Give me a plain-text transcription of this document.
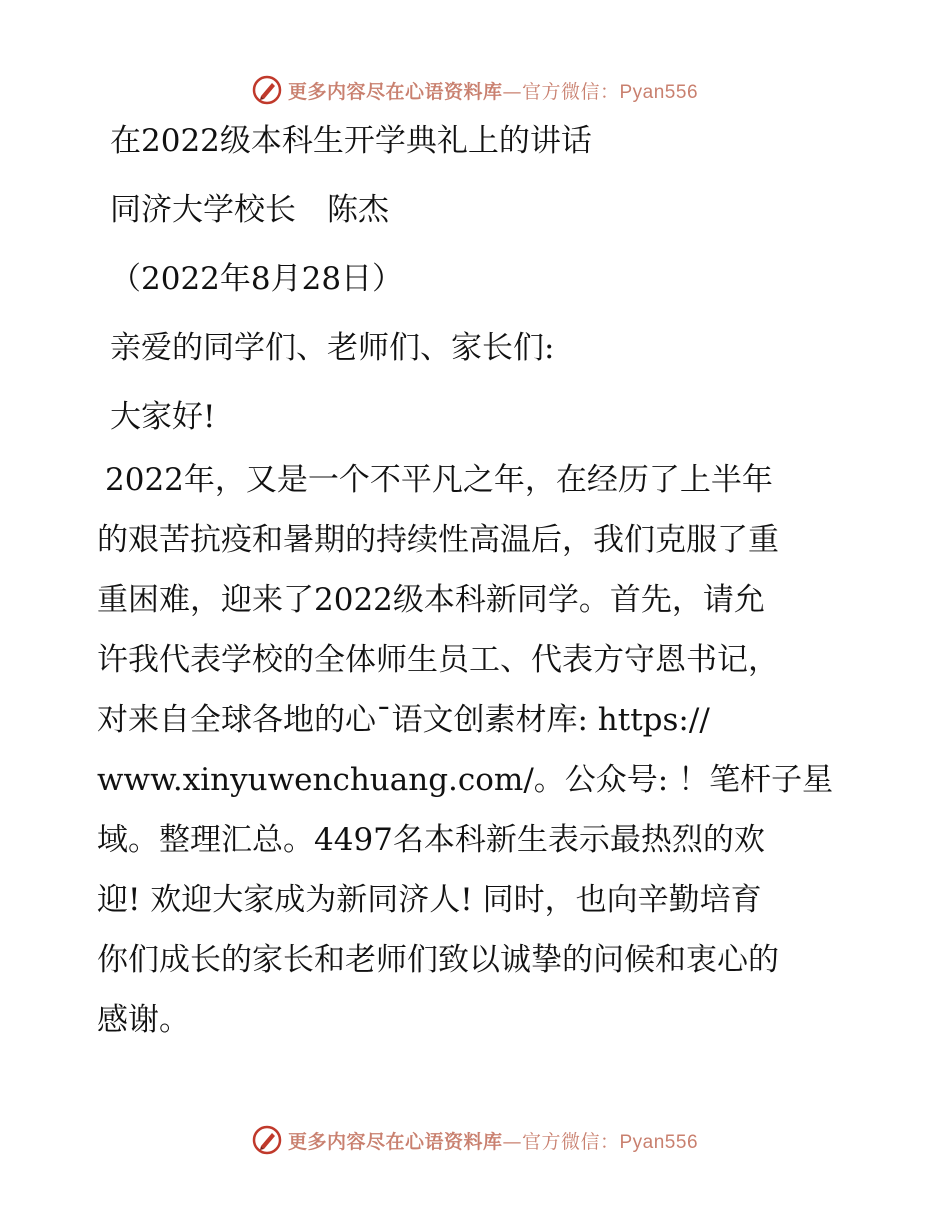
更多内容尽在心语资料库—官方微信：Pyan556
在2022级本科生开学典礼上的讲话
同济大学校长　陈杰
（2022年8月28日）
亲爱的同学们、老师们、家长们:
大家好!
2022年，又是一个不平凡之年，在经历了上半年
的艰苦抗疫和暑期的持续性高温后，我们克服了重
重困难，迎来了2022级本科新同学。首先，请允
许我代表学校的全体师生员工、代表方守恩书记，
对来自全球各地的心¯语文创素材库: https://
www.xinyuwenchuang.com/。公众号: ！笔杆子星
域。整理汇总。4497名本科新生表示最热烈的欢
迎! 欢迎大家成为新同济人! 同时，也向辛勤培育
你们成长的家长和老师们致以诚挚的问候和衷心的
感谢。
更多内容尽在心语资料库—官方微信：Pyan556
